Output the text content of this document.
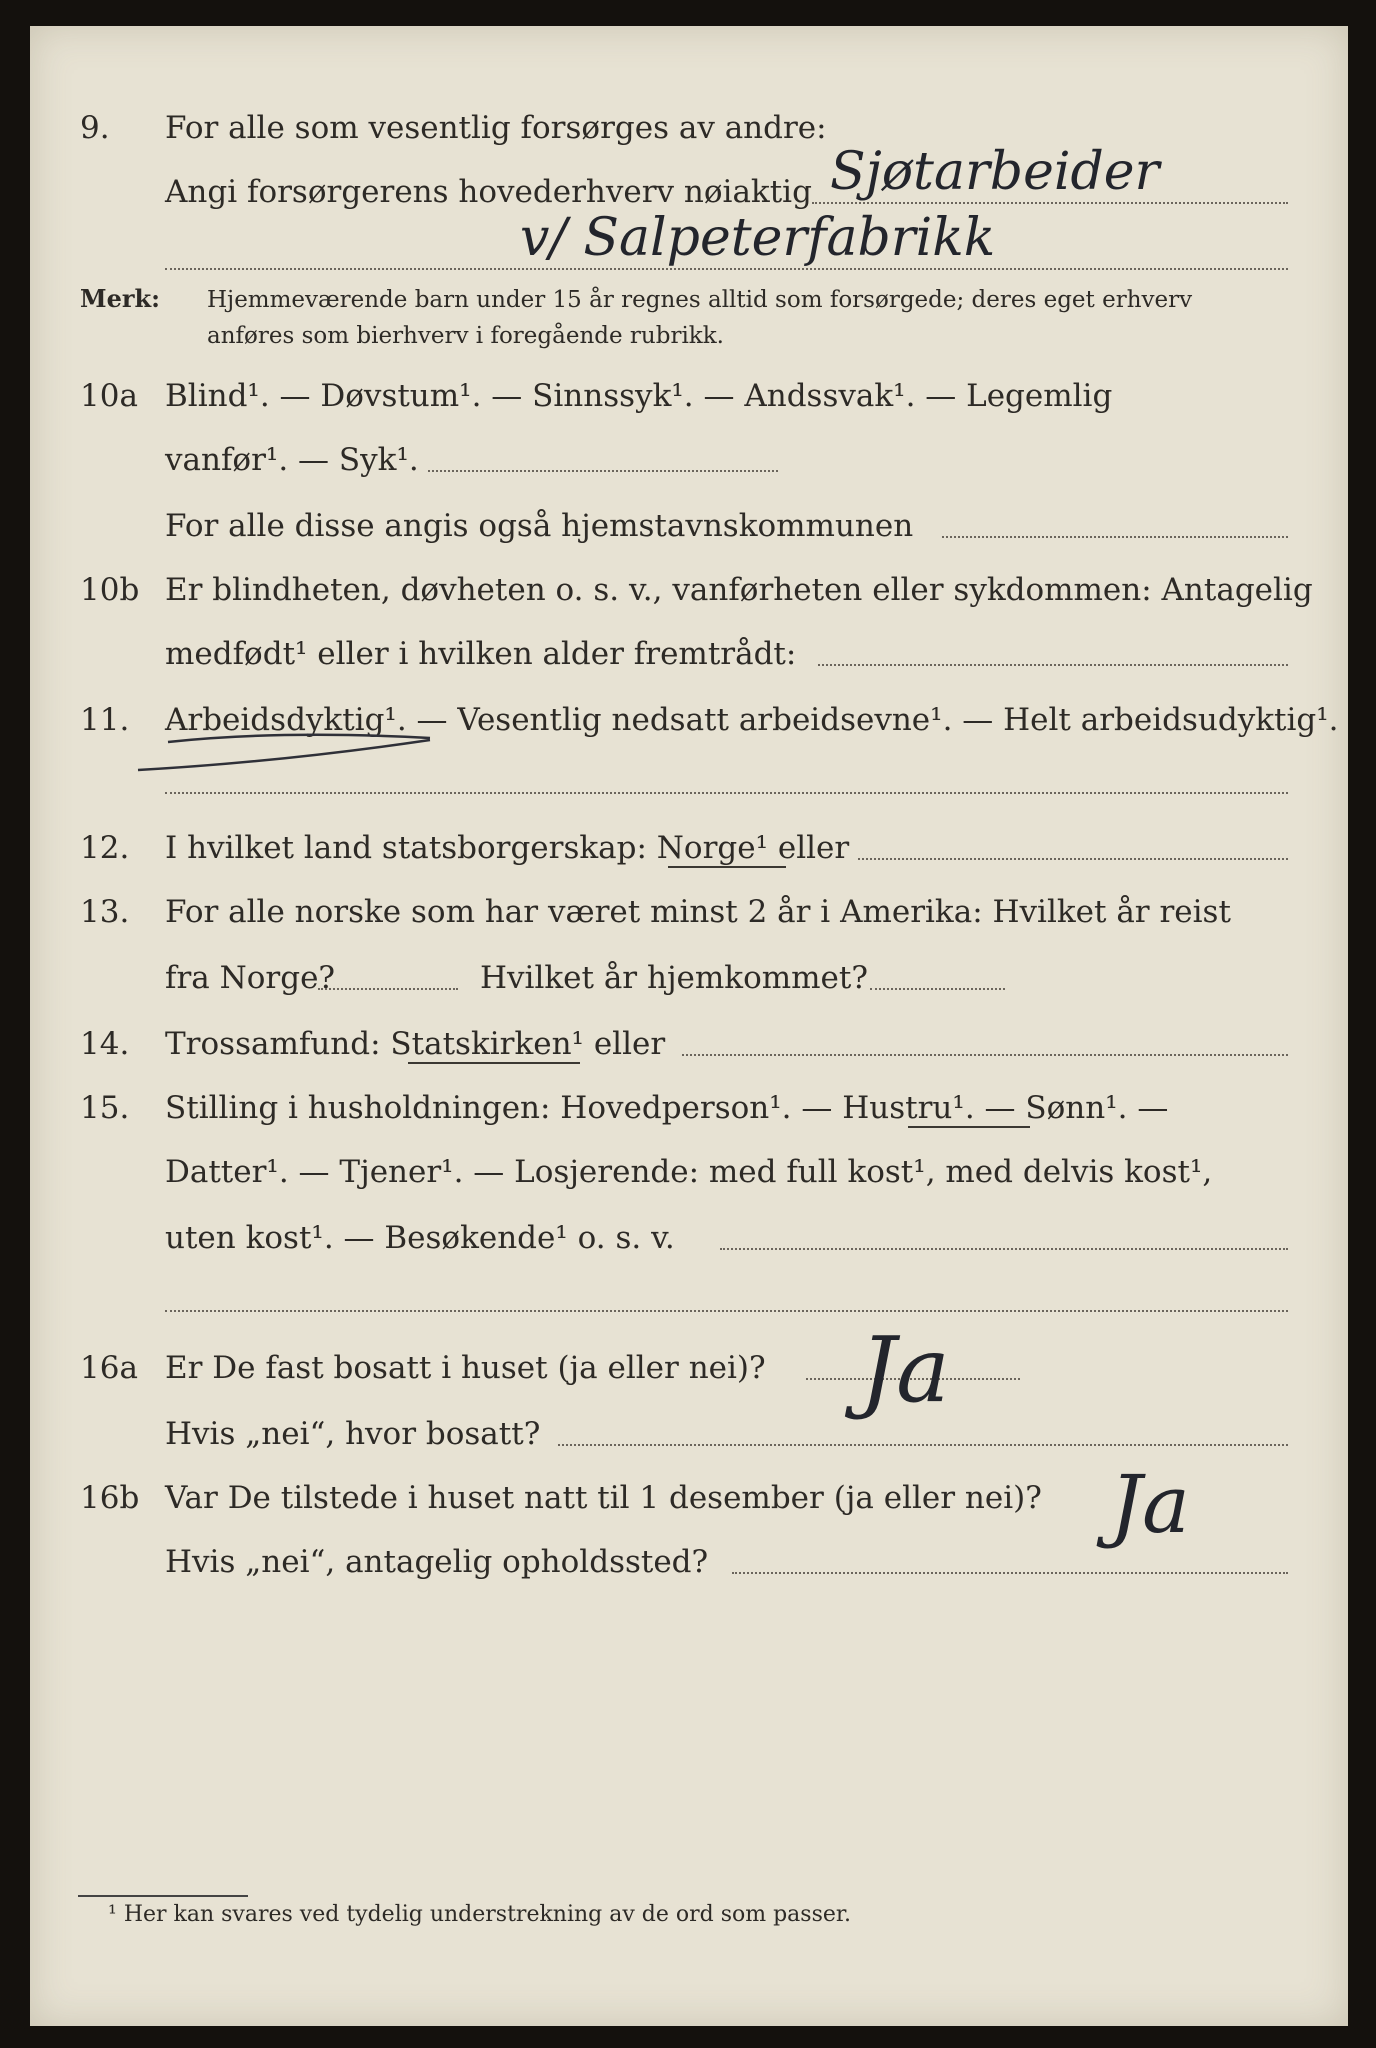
9.	For alle som vesentlig forsørges av andre:
Angi forsørgerens hovederhverv nøiaktig Sjøtarbeider
v/ Salpeterfabrikk
Merk: Hjemmeværende barn under 15 år regnes alltid som forsørgede; deres eget erhverv
anføres som bierhverv i foregående rubrikk.
10a Blind¹. — Døvstum¹. — Sinnssyk¹. — Andssvak¹. — Legemlig
vanfør¹. — Syk¹.
For alle disse angis også hjemstavnskommunen
10b Er blindheten, døvheten o. s. v., vanførheten eller sykdommen: Antagelig
medfødt¹ eller i hvilken alder fremtrådt:
11.	Arbeidsdyktig¹. — Vesentlig nedsatt arbeidsevne¹. — Helt arbeidsudyktig¹.
12.	I hvilket land statsborgerskap: Norge¹ eller
13.	For alle norske som har været minst 2 år i Amerika: Hvilket år reist
fra Norge?	Hvilket år hjemkommet?
14.	Trossamfund: Statskirken¹ eller
15.	Stilling i husholdningen: Hovedperson¹. — Hustru¹. — Sønn¹. —
Datter¹. — Tjener¹. — Losjerende: med full kost¹, med delvis kost¹,
uten kost¹. — Besøkende¹ o. s. v.
16a Er De fast bosatt i huset (ja eller nei)?
Hvis „nei“, hvor bosatt?
Ja
16b Var De tilstede i huset natt til 1 desember (ja eller nei)? Ja
Hvis „nei“, antagelig opholdssted?
¹ Her kan svares ved tydelig understrekning av de ord som passer.
